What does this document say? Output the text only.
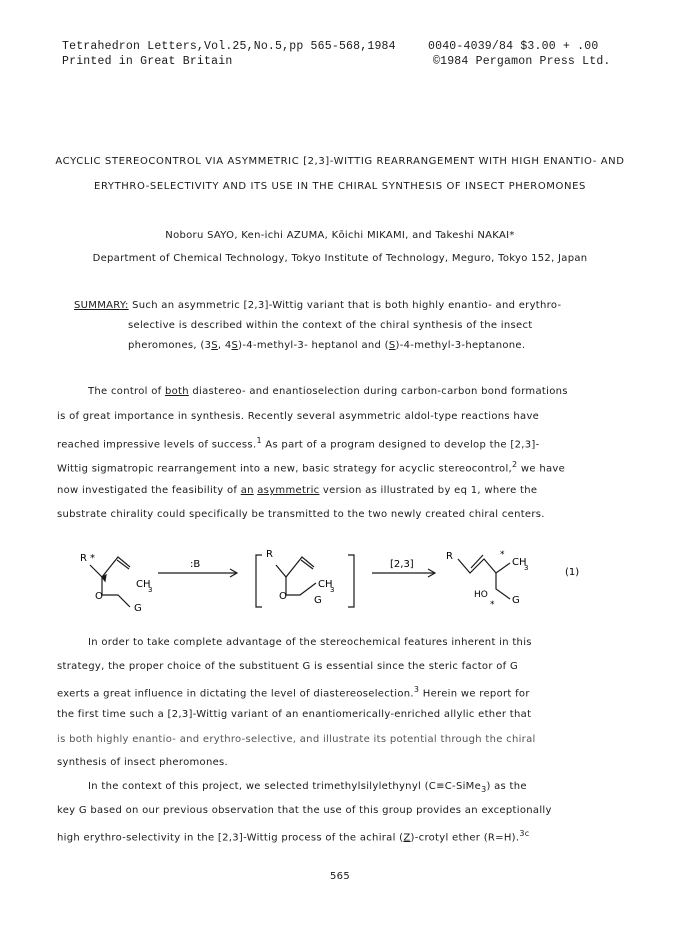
Tetrahedron Letters,Vol.25,No.5,pp 565-568,1984
Printed in Great Britain
0040-4039/84 $3.00 + .00
©1984 Pergamon Press Ltd.
ACYCLIC STEREOCONTROL VIA ASYMMETRIC [2,3]-WITTIG REARRANGEMENT WITH HIGH ENANTIO- AND
ERYTHRO-SELECTIVITY AND ITS USE IN THE CHIRAL SYNTHESIS OF INSECT PHEROMONES
Noboru SAYO, Ken-ichi AZUMA, Kōichi MIKAMI, and Takeshi NAKAI*
Department of Chemical Technology, Tokyo Institute of Technology, Meguro, Tokyo 152, Japan
SUMMARY: Such an asymmetric [2,3]-Wittig variant that is both highly enantio- and erythro-
selective is described within the context of the chiral synthesis of the insect
pheromones, (3S, 4S)-4-methyl-3- heptanol and (S)-4-methyl-3-heptanone.
The control of both diastereo- and enantioselection during carbon-carbon bond formations
is of great importance in synthesis. Recently several asymmetric aldol-type reactions have
reached impressive levels of success.$^1$ As part of a program designed to develop the [2,3]-
Wittig sigmatropic rearrangement into a new, basic strategy for acyclic stereocontrol,$^2$ we have
now investigated the feasibility of an asymmetric version as illustrated by eq 1, where the
substrate chirality could specifically be transmitted to the two newly created chiral centers.
R *
CH
3
O
G
:B
R
CH
3
O	G
[2,3]
R	*
CH
3
HO
* G
(1)
In order to take complete advantage of the stereochemical features inherent in this
strategy, the proper choice of the substituent G is essential since the steric factor of G
exerts a great influence in dictating the level of diastereoselection.$^3$ Herein we report for
the first time such a [2,3]-Wittig variant of an enantiomerically-enriched allylic ether that
is both highly enantio- and erythro-selective, and illustrate its potential through the chiral
synthesis of insect pheromones.
In the context of this project, we selected trimethylsilylethynyl (C≡C-SiMe$_3$) as the
key G based on our previous observation that the use of this group provides an exceptionally
high erythro-selectivity in the [2,3]-Wittig process of the achiral (Z)-crotyl ether (R=H).$^{3c}$
565
